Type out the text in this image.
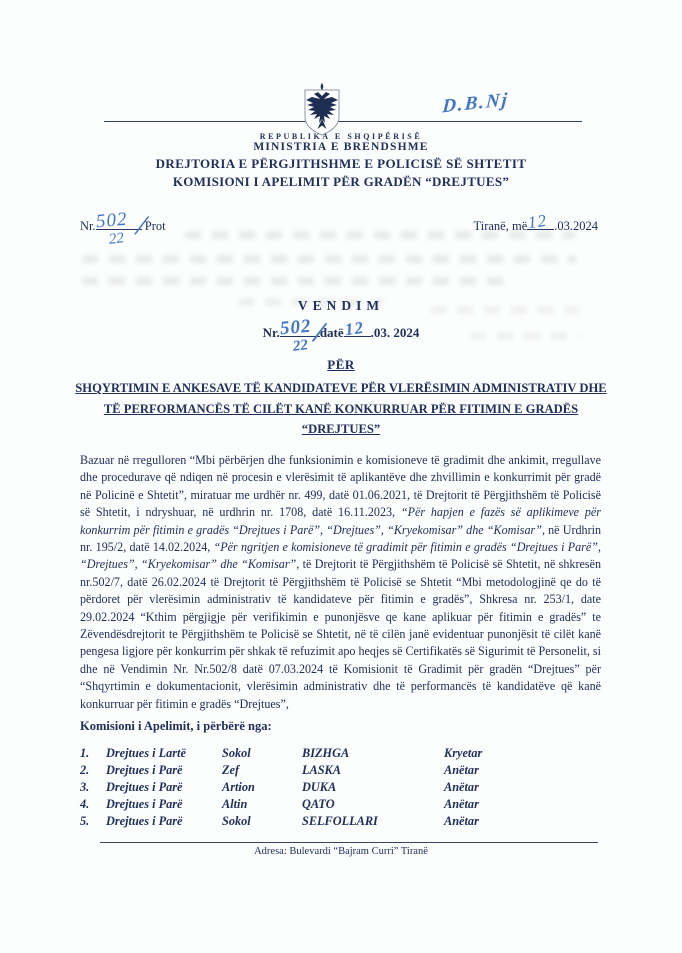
D.B.Nj
REPUBLIKA E SHQIPËRISË
MINISTRIA E BRENDSHME
DREJTORIA E PËRGJITHSHME E POLICISË SË SHTETIT
KOMISIONI I APELIMIT PËR GRADËN “DREJTUES”
Nr. 502 /
22
Prot	Tiranë, më 12 .03.2024
VENDIM
Nr. 502 /
22
datë 12 .03. 2024
PËR
SHQYRTIMIN E ANKESAVE TË KANDIDATEVE PËR VLERËSIMIN ADMINISTRATIV DHE TË PERFORMANCËS TË CILËT KANË KONKURRUAR PËR FITIMIN E GRADËS “DREJTUES”

Bazuar në rregulloren “Mbi përbërjen dhe funksionimin e komisioneve të gradimit dhe ankimit, rregullave dhe procedurave që ndiqen në procesin e vlerësimit të aplikantëve dhe zhvillimin e konkurrimit për gradë në Policinë e Shtetit”, miratuar me urdhër nr. 499, datë 01.06.2021, të Drejtorit të Përgjithshëm të Policisë së Shtetit, i ndryshuar, në urdhrin nr. 1708, datë 16.11.2023, “Për hapjen e fazës së aplikimeve për konkurrim për fitimin e gradës “Drejtues i Parë”, “Drejtues”, “Kryekomisar” dhe “Komisar”, në Urdhrin nr. 195/2, datë 14.02.2024, “Për ngritjen e komisioneve të gradimit për fitimin e gradës “Drejtues i Parë”, “Drejtues”, “Kryekomisar” dhe “Komisar”, të Drejtorit të Përgjithshëm të Policisë së Shtetit, në shkresën nr.502/7, datë 26.02.2024 të Drejtorit të Përgjithshëm të Policisë se Shtetit “Mbi metodologjinë qe do të përdoret për vlerësimin administrativ të kandidateve për fitimin e gradës”, Shkresa nr. 253/1, date 29.02.2024 “Kthim përgjigje për verifikimin e punonjësve qe kane aplikuar për fitimin e gradës” te Zëvendësdrejtorit te Përgjithshëm te Policisë se Shtetit, në të cilën janë evidentuar punonjësit të cilët kanë pengesa ligjore për konkurrim për shkak të refuzimit apo heqjes së Certifikatës së Sigurimit të Personelit, si dhe në Vendimin Nr. Nr.502/8 datë 07.03.2024 të Komisionit të Gradimit për gradën “Drejtues” për “Shqyrtimin e dokumentacionit, vlerësimin administrativ dhe të performancës të kandidatëve që kanë konkurruar për fitimin e gradës “Drejtues”,

Komisioni i Apelimit, i përbërë nga:
1.	Drejtues i Lartë	Sokol	BIZHGA	Kryetar
2.	Drejtues i Parë	Zef	LASKA	Anëtar
3.	Drejtues i Parë	Artion	DUKA	Anëtar
4.	Drejtues i Parë	Altin	QATO	Anëtar
5.	Drejtues i Parë	Sokol	SELFOLLARI	Anëtar
Adresa: Bulevardi “Bajram Curri” Tiranë
